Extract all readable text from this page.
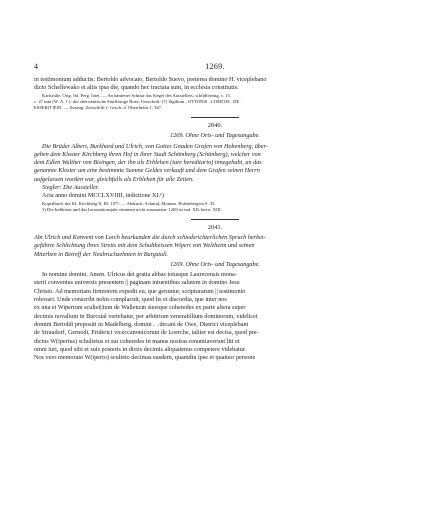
4	1269.

in testimonium adductis: Bertoldo advocato, Bertoldo Suevo, preterea domino H. viceplebano

dicto Schellewako et aliis ipsa die, quando hec tractata sunt, in ecclesia constitutis.

Karlsruhe. Orig. Inl. Perg. Ioiet. — An hänfener Schnur das Siegel des Ausstellers, schildförmig, c. 15,

c. 47 mm (W. A. 1.): die obersteinische Stufflastige Rose; Umschrift: [†] Sigillum . OTTONIS . COMITIS . DE .

ESSER[T]EIN. — Auszug: Zeitschrift f. Gesch. d. Oberrheins 1, 367.

2040.

1269. Ohne Orts- und Tagesangabe.

Die Brüder Albert, Burkhard und Ulrich, von Gottes Gnaden Grafen von Hohenberg, über-

geben dem Kloster Kirchberg ihren Hof in ihrer Stadt Schömberg (Schönberg), welcher von

dem Edlen Walther von Bisingen, der ihn als Erblehen (iure hereditario) innegehabt, an das

genannte Kloster um eine bestimmte Summe Geldes verkauft und dem Grafen seinen Herrn

aufgelassen worden war, gleichfalls als Erblehen für alle Zeiten.

Siegler: Die Aussteller.

Acta anno domini MCCLXVIIII, indictione XI.¹)

Kopialbuch des Kl. Kirchberg II. Bl. 107ᵇ. — Abdruck: Schmid, Monum. Hohenbergica S. 35.

1) Die Indiktion und das Incarnationsjahr stimmen nicht zusammen: 1269 ist ind. XII, bezw. XIII.

2041.

Abt Ulrich und Konvent von Lorch beurkunden die durch schiedsrichterlichen Spruch herbei-

geführte Schlichtung ihres Streits mit dem Schultheissen Wipert von Welzheim und seinen

Miterben in Betreff der Neubruchzehnten in Burgstall.

1269. Ohne Orts- und Tagesangabe.

In nomine domini. Amen. Ulricus dei gratia abbas totusque Laurecensis mona-

sterii conventus universis presentem || paginam intuentibus salutem in domino Jesu

Christo. Ad memoriam firmiorem expedit eu, que geruntur, scripturarum || testimonio

roborari. Unde conscribi nobis complacuit, quod lis et discordia, que inter nos

ex una et Wipertum scultet||tum de Wallenzin suosque coheredes ex parte altera super

decimis novalium in Burcstal vertebatur, per arbitrium venerabilium dominorum, videlicet

domini Bertoldi prepositi in Madelberg, domini . . decani de Owe, Dietrici viceplebani

de Straudorf, Gernodi, Friderici viceccanonicorum de Loerche, taliter est decisa, quod pre-

dictus W(ipertus) schultetus et sui coheredes in manus nostras renuntiaverunt liti et

omni iuri, quod sibi et suis posteris in dictis decimis aliquatenus competere videbatur.

Nos vero memorato W(iperto) sculteto decimas easdem, quamdiu ipse et quatuor persone
